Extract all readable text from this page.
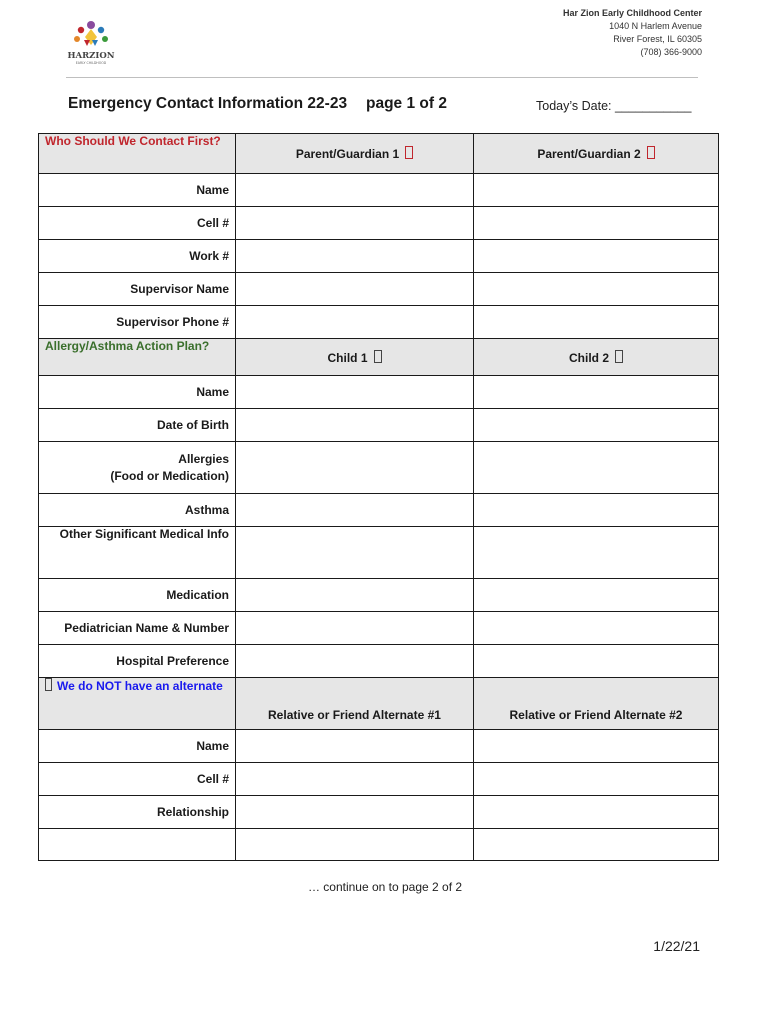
HARZION
EARLY CHILDHOOD
Har Zion Early Childhood Center
1040 N Harlem Avenue
River Forest, IL 60305
(708) 366-9000
Emergency Contact Information 22-23 page 1 of 2	Today’s Date: ___________
Who Should We Contact First?	Parent/Guardian 1	Parent/Guardian 2
Name		
Cell #		
Work #		
Supervisor Name		
Supervisor Phone #		
Allergy/Asthma Action Plan?	Child 1	Child 2
Name		
Date of Birth		

Allergies
(Food or Medication)		

Asthma		
Other Significant Medical Info		
Medication		
Pediatrician Name & Number		
Hospital Preference		
We do NOT have an alternate	Relative or Friend Alternate #1	Relative or Friend Alternate #2
Name		
Cell #		
Relationship		

… continue on to page 2 of 2
1/22/21
